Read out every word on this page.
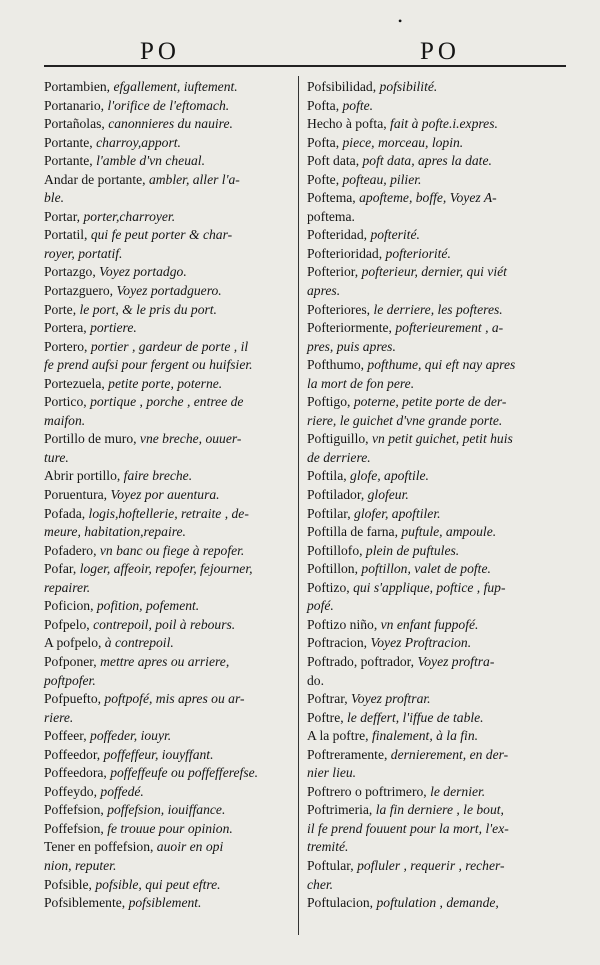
•
PO	PO
Portambien, efgallement, iuftement.
Portanario, l'orifice de l'eftomach.
Portañolas, canonnieres du nauire.
Portante, charroy,apport.
Portante, l'amble d'vn cheual.
Andar de portante, ambler, aller l'a-
ble.
Portar, porter,charroyer.
Portatil, qui fe peut porter & char-
royer, portatif.
Portazgo, Voyez portadgo.
Portazguero, Voyez portadguero.
Porte, le port, & le pris du port.
Portera, portiere.
Portero, portier , gardeur de porte , il
fe prend aufsi pour fergent ou huifsier.
Portezuela, petite porte, poterne.
Portico, portique , porche , entree de
maifon.
Portillo de muro, vne breche, ouuer-
ture.
Abrir portillo, faire breche.
Poruentura, Voyez por auentura.
Pofada, logis,hoftellerie, retraite , de-
meure, habitation,repaire.
Pofadero, vn banc ou fiege à repofer.
Pofar, loger, affeoir, repofer, fejourner,
repairer.
Poficion, pofition, pofement.
Pofpelo, contrepoil, poil à rebours.
A pofpelo, à contrepoil.
Pofponer, mettre apres ou arriere,
poftpofer.
Pofpuefto, poftpofé, mis apres ou ar-
riere.
Poffeer, poffeder, iouyr.
Poffeedor, poffeffeur, iouyffant.
Poffeedora, poffeffeufe ou poffefferefse.
Poffeydo, poffedé.
Poffefsion, poffefsion, iouiffance.
Poffefsion, fe trouue pour opinion.
Tener en poffefsion, auoir en opi
nion, reputer.
Pofsible, pofsible, qui peut eftre.
Pofsiblemente, pofsiblement.
Pofsibilidad, pofsibilité.
Pofta, pofte.
Hecho à pofta, fait à pofte.i.expres.
Pofta, piece, morceau, lopin.
Poft data, poft data, apres la date.
Pofte, pofteau, pilier.
Poftema, apofteme, boffe, Voyez A-
poftema.
Pofteridad, pofterité.
Pofterioridad, pofteriorité.
Pofterior, pofterieur, dernier, qui viét
apres.
Pofteriores, le derriere, les pofteres.
Pofteriormente, pofterieurement , a-
pres, puis apres.
Pofthumo, pofthume, qui eft nay apres
la mort de fon pere.
Poftigo, poterne, petite porte de der-
riere, le guichet d'vne grande porte.
Poftiguillo, vn petit guichet, petit huis
de derriere.
Poftila, glofe, apoftile.
Poftilador, glofeur.
Poftilar, glofer, apoftiler.
Poftilla de farna, puftule, ampoule.
Poftillofo, plein de puftules.
Poftillon, poftillon, valet de pofte.
Poftizo, qui s'applique, poftice , fup-
pofé.
Poftizo niño, vn enfant fuppofé.
Poftracion, Voyez Proftracion.
Poftrado, poftrador, Voyez proftra-
do.
Poftrar, Voyez proftrar.
Poftre, le deffert, l'iffue de table.
A la poftre, finalement, à la fin.
Poftreramente, dernierement, en der-
nier lieu.
Poftrero o poftrimero, le dernier.
Poftrimeria, la fin derniere , le bout,
il fe prend fouuent pour la mort, l'ex-
tremité.
Poftular, pofluler , requerir , recher-
cher.
Poftulacion, poftulation , demande,
